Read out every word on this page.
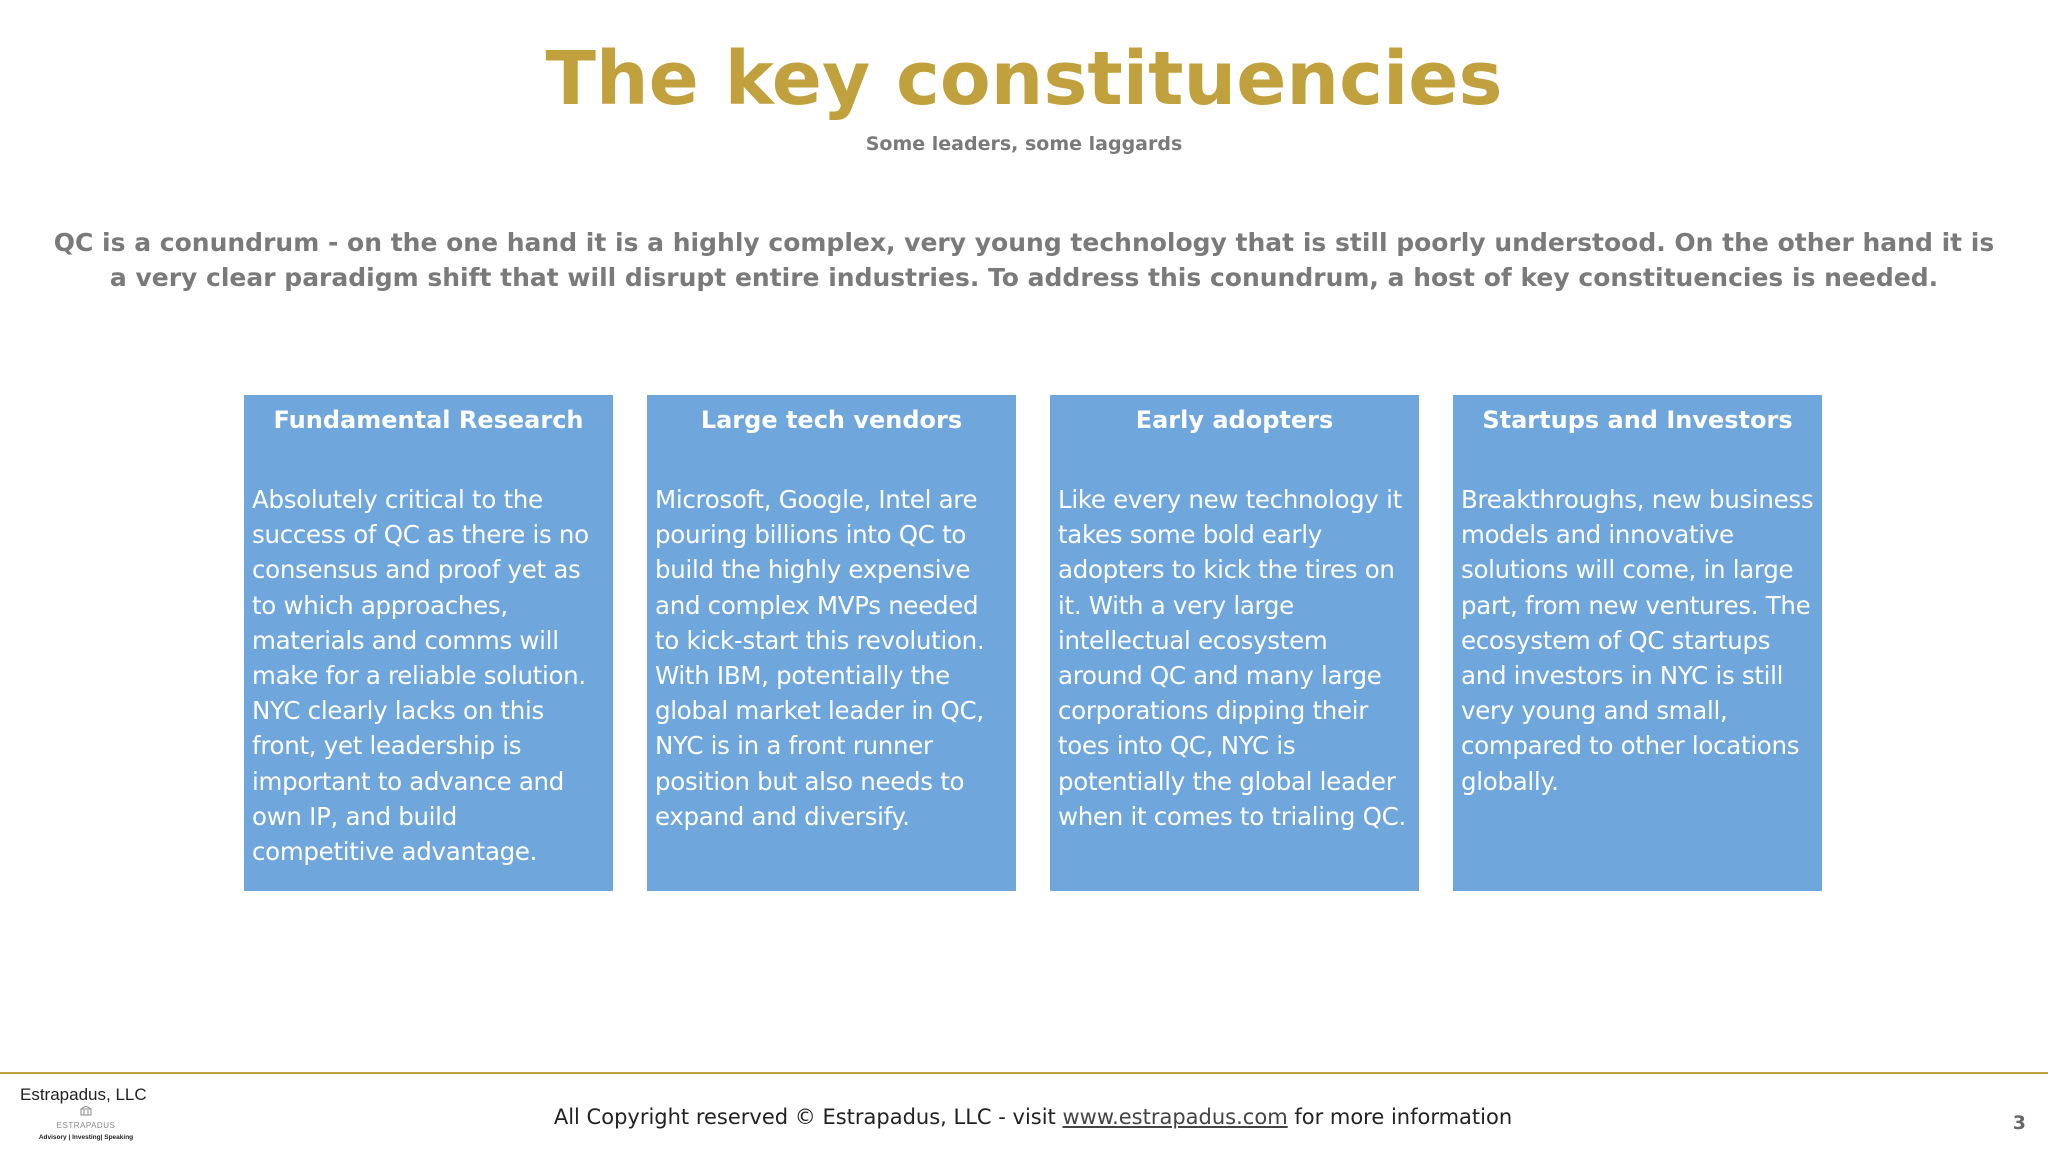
The key constituencies
Some leaders, some laggards
QC is a conundrum - on the one hand it is a highly complex, very young technology that is still poorly understood. On the other hand it is a very clear paradigm shift that will disrupt entire industries. To address this conundrum, a host of key constituencies is needed.
Fundamental Research
Absolutely critical to the success of QC as there is no consensus and proof yet as to which approaches, materials and comms will make for a reliable solution. NYC clearly lacks on this front, yet leadership is important to advance and own IP, and build competitive advantage.
Large tech vendors
Microsoft, Google, Intel are pouring billions into QC to build the highly expensive and complex MVPs needed to kick-start this revolution. With IBM, potentially the global market leader in QC, NYC is in a front runner position but also needs to expand and diversify.
Early adopters
Like every new technology it takes some bold early adopters to kick the tires on it. With a very large intellectual ecosystem around QC and many large corporations dipping their toes into QC, NYC is potentially the global leader when it comes to trialing QC.
Startups and Investors
Breakthroughs, new business models and innovative solutions will come, in large part, from new ventures. The ecosystem of QC startups and investors in NYC is still very young and small, compared to other locations globally.
Estrapadus, LLC
ESTRAPADUS
Advisory | Investing| Speaking
All Copyright reserved © Estrapadus, LLC - visit www.estrapadus.com for more information	3
